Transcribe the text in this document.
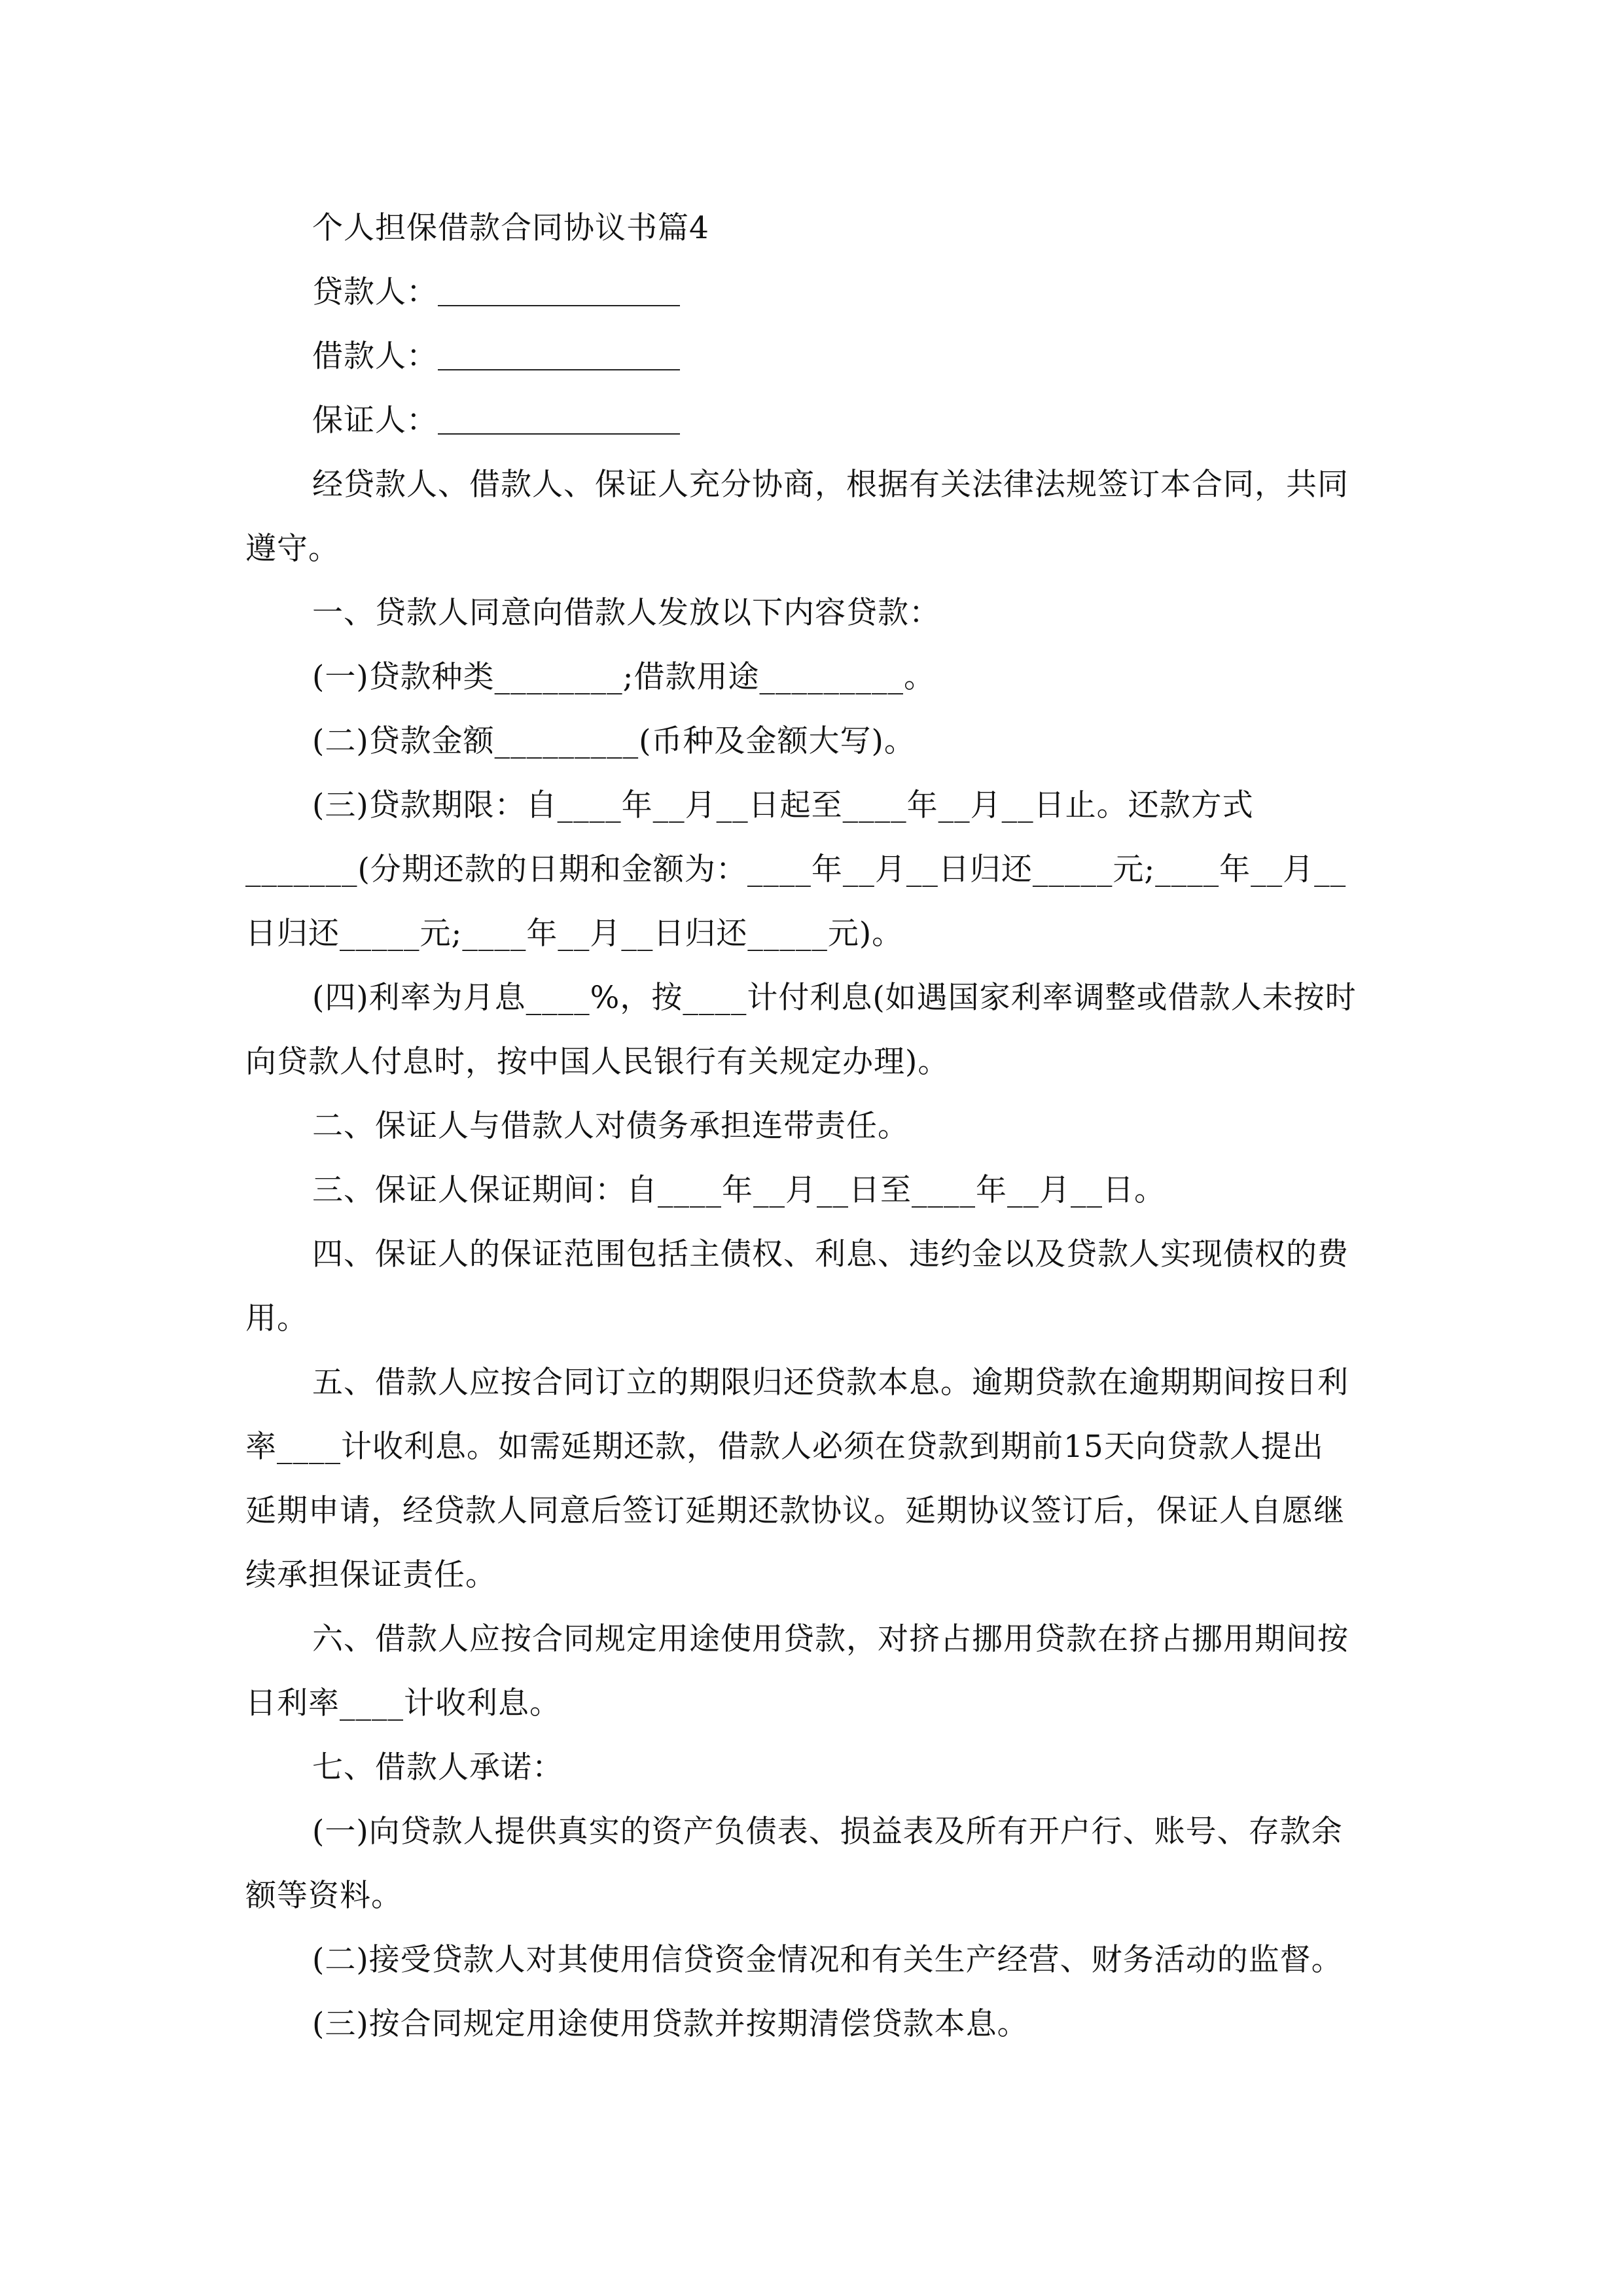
个人担保借款合同协议书篇4
贷款人：
借款人：
保证人：
经贷款人、借款人、保证人充分协商，根据有关法律法规签订本合同，共同
遵守。
一、贷款人同意向借款人发放以下内容贷款：
(一)贷款种类________;借款用途_________。
(二)贷款金额_________(币种及金额大写)。
(三)贷款期限：自____年__月__日起至____年__月__日止。还款方式
_______(分期还款的日期和金额为：____年__月__日归还_____元;____年__月__
日归还_____元;____年__月__日归还_____元)。
(四)利率为月息____%，按____计付利息(如遇国家利率调整或借款人未按时
向贷款人付息时，按中国人民银行有关规定办理)。
二、保证人与借款人对债务承担连带责任。
三、保证人保证期间：自____年__月__日至____年__月__日。
四、保证人的保证范围包括主债权、利息、违约金以及贷款人实现债权的费
用。
五、借款人应按合同订立的期限归还贷款本息。逾期贷款在逾期期间按日利
率____计收利息。如需延期还款，借款人必须在贷款到期前15天向贷款人提出
延期申请，经贷款人同意后签订延期还款协议。延期协议签订后，保证人自愿继
续承担保证责任。
六、借款人应按合同规定用途使用贷款，对挤占挪用贷款在挤占挪用期间按
日利率____计收利息。
七、借款人承诺：
(一)向贷款人提供真实的资产负债表、损益表及所有开户行、账号、存款余
额等资料。
(二)接受贷款人对其使用信贷资金情况和有关生产经营、财务活动的监督。
(三)按合同规定用途使用贷款并按期清偿贷款本息。
